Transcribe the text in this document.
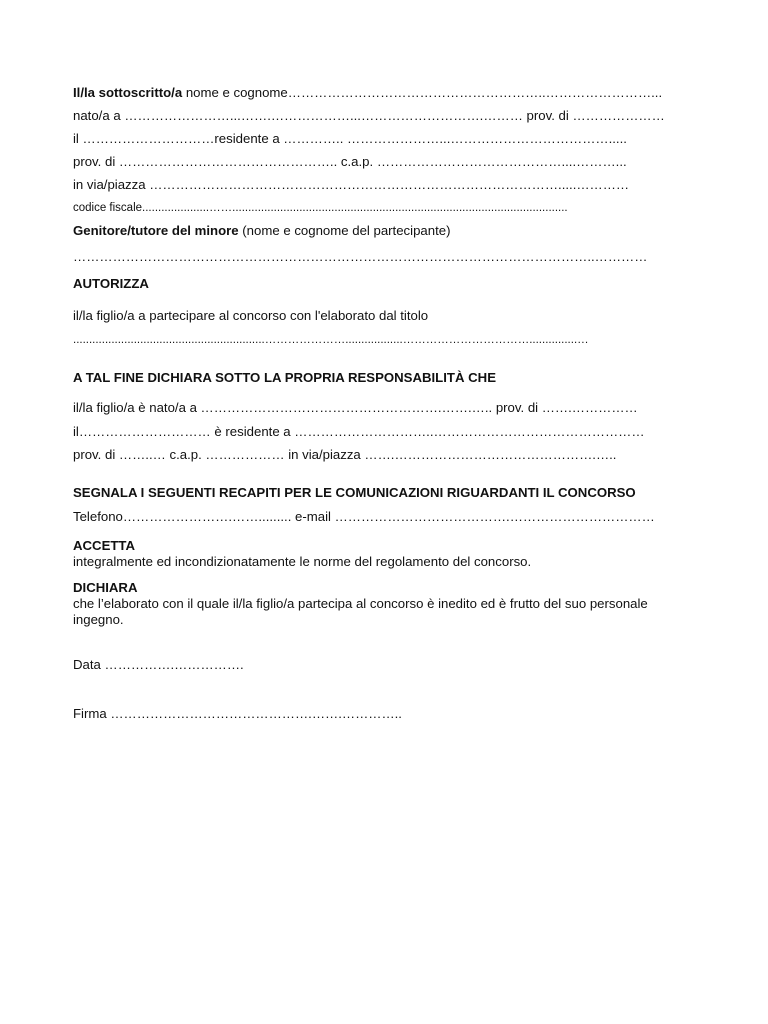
Il/la sottoscritto/a nome e cognome…………………………………………………..……………………...
nato/a a ……………………...…….………………...……………………….……… prov. di …………………
il …………………………residente a ………….. …………………...……………………………….....
prov. di ………………………………………….. c.a.p. ……………………………………....………...
in via/piazza ………………………………………………………………………………….....…………
codice fiscale.....................…….........................................................................................................
Genitore/tutore del minore (nome e cognome del partecipante)
………………………………………………………………………………………………………..…………
AUTORIZZA
il/la figlio/a a partecipare al concorso con l'elaborato dal titolo
............................................................…………………..................……………………………...............…
A TAL FINE DICHIARA SOTTO LA PROPRIA RESPONSABILITÀ CHE
il/la figlio/a è nato/a a ……………………………………………….…….….. prov. di …….……………
il………………………… è residente a …………………………..…………………………………………
prov. di ……..… c.a.p. ……………… in via/piazza …….……………………………………….…..
SEGNALA I SEGUENTI RECAPITI PER LE COMUNICAZIONI RIGUARDANTI IL CONCORSO
Telefono…………………….……......... e-mail ………………………………….……………………………
ACCETTA
integralmente ed incondizionatamente le norme del regolamento del concorso.
DICHIARA
che l’elaborato con il quale il/la figlio/a partecipa al concorso è inedito ed è frutto del suo personale ingegno.
Data …………….…………….
Firma ……………………………………….…….…………..
